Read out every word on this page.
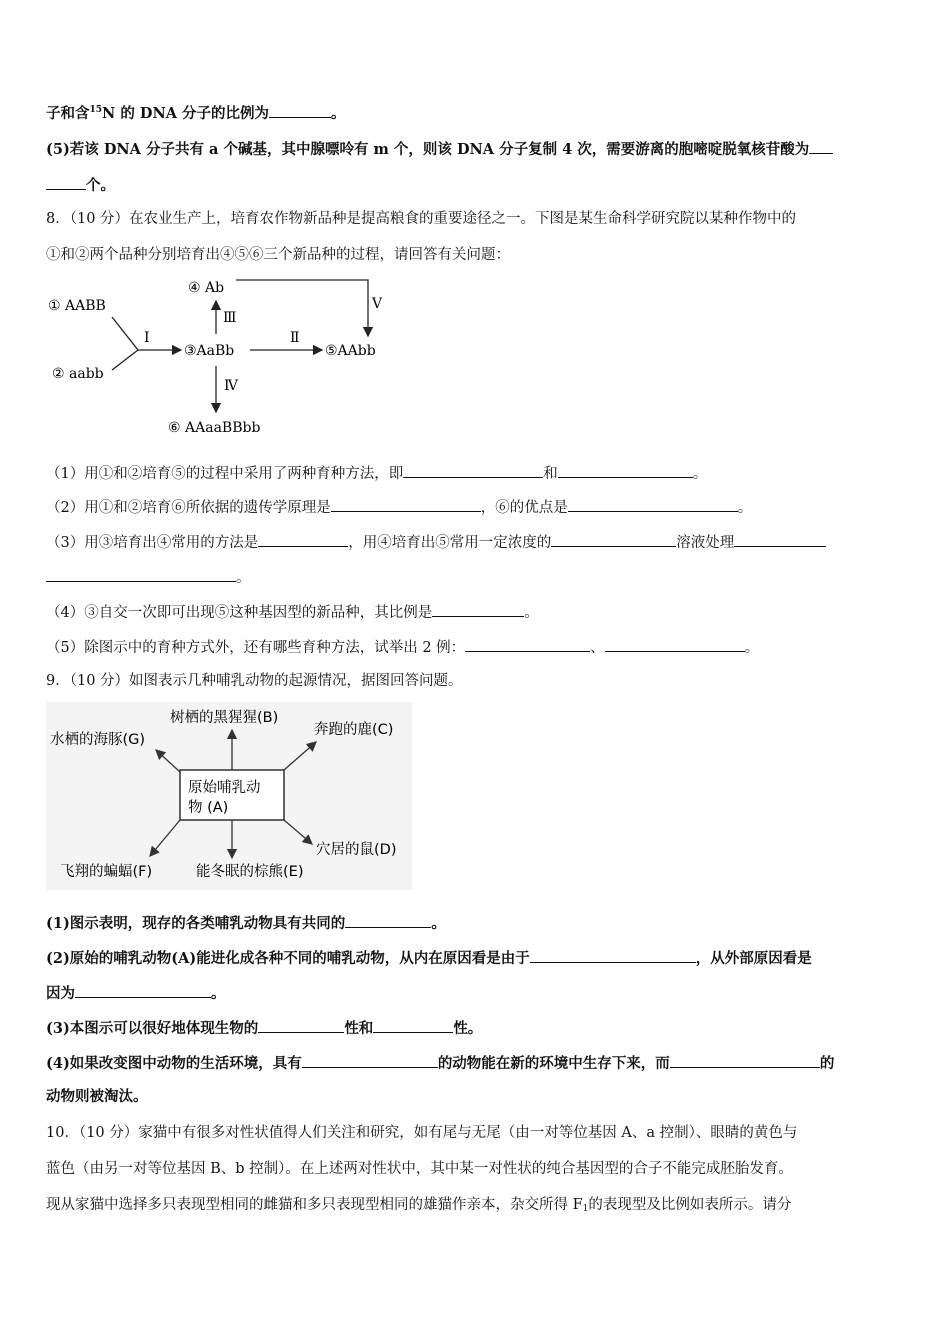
子和含$^{15}$N 的 DNA 分子的比例为	。
(5)若该 DNA 分子共有 a 个碱基，其中腺嘌呤有 m 个，则该 DNA 分子复制 4 次，需要游离的胞嘧啶脱氧核苷酸为
个。
8．（10 分）在农业生产上，培育农作物新品种是提高粮食的重要途径之一。下图是某生命科学研究院以某种作物中的
①和②两个品种分别培育出④⑤⑥三个新品种的过程，请回答有关问题：
① AABB
② aabb
Ⅰ
③AaBb
④ Ab
Ⅲ
Ⅱ
⑤AAbb
Ⅴ
Ⅳ
⑥ AAaaBBbb
（1）用①和②培育⑤的过程中采用了两种育种方法，即	和	。
（2）用①和②培育⑥所依据的遗传学原理是	，⑥的优点是	。
（3）用③培育出④常用的方法是	，用④培育出⑤常用一定浓度的	溶液处理
。
（4）③自交一次即可出现⑤这种基因型的新品种，其比例是	。
（5）除图示中的育种方式外，还有哪些育种方法，试举出 2 例：	、	。
9．（10 分）如图表示几种哺乳动物的起源情况，据图回答问题。
原始哺乳动
物 (A)
树栖的黑猩猩(B)
奔跑的鹿(C)
水栖的海豚(G)
穴居的鼠(D)
能冬眠的棕熊(E)
飞翔的蝙蝠(F)
(1)图示表明，现存的各类哺乳动物具有共同的	。
(2)原始的哺乳动物(A)能进化成各种不同的哺乳动物，从内在原因看是由于	，从外部原因看是
因为	。
(3)本图示可以很好地体现生物的	性和	性。
(4)如果改变图中动物的生活环境，具有	的动物能在新的环境中生存下来，而	的
动物则被淘汰。
10．（10 分）家猫中有很多对性状值得人们关注和研究，如有尾与无尾（由一对等位基因 A、a 控制）、眼睛的黄色与
蓝色（由另一对等位基因 B、b 控制）。在上述两对性状中，其中某一对性状的纯合基因型的合子不能完成胚胎发育。
现从家猫中选择多只表现型相同的雌猫和多只表现型相同的雄猫作亲本，杂交所得 $F_1$的表现型及比例如表所示。请分
